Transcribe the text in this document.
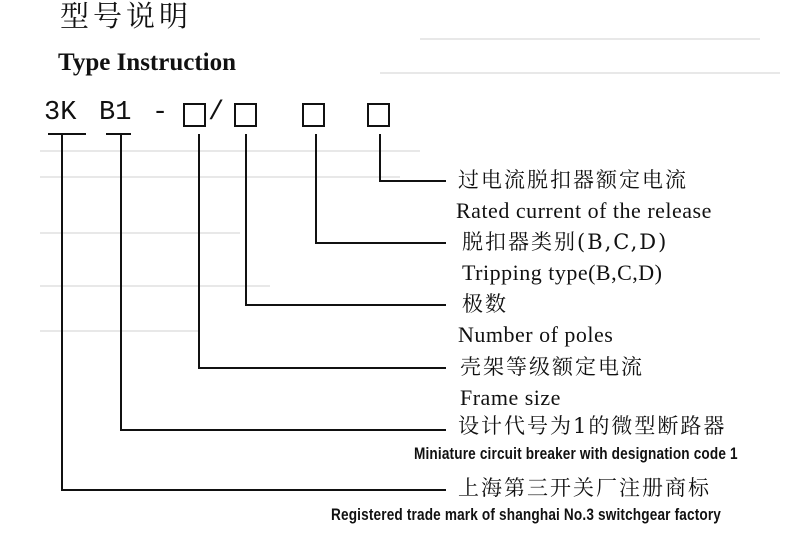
型号说明
Type Instruction
3K B1 - /
过电流脱扣器额定电流
Rated current of the release
脱扣器类别(B,C,D)
Tripping type(B,C,D)
极数
Number of poles
壳架等级额定电流
Frame size
设计代号为1的微型断路器
Miniature circuit breaker with designation code 1
上海第三开关厂注册商标
Registered trade mark of shanghai No.3 switchgear factory
